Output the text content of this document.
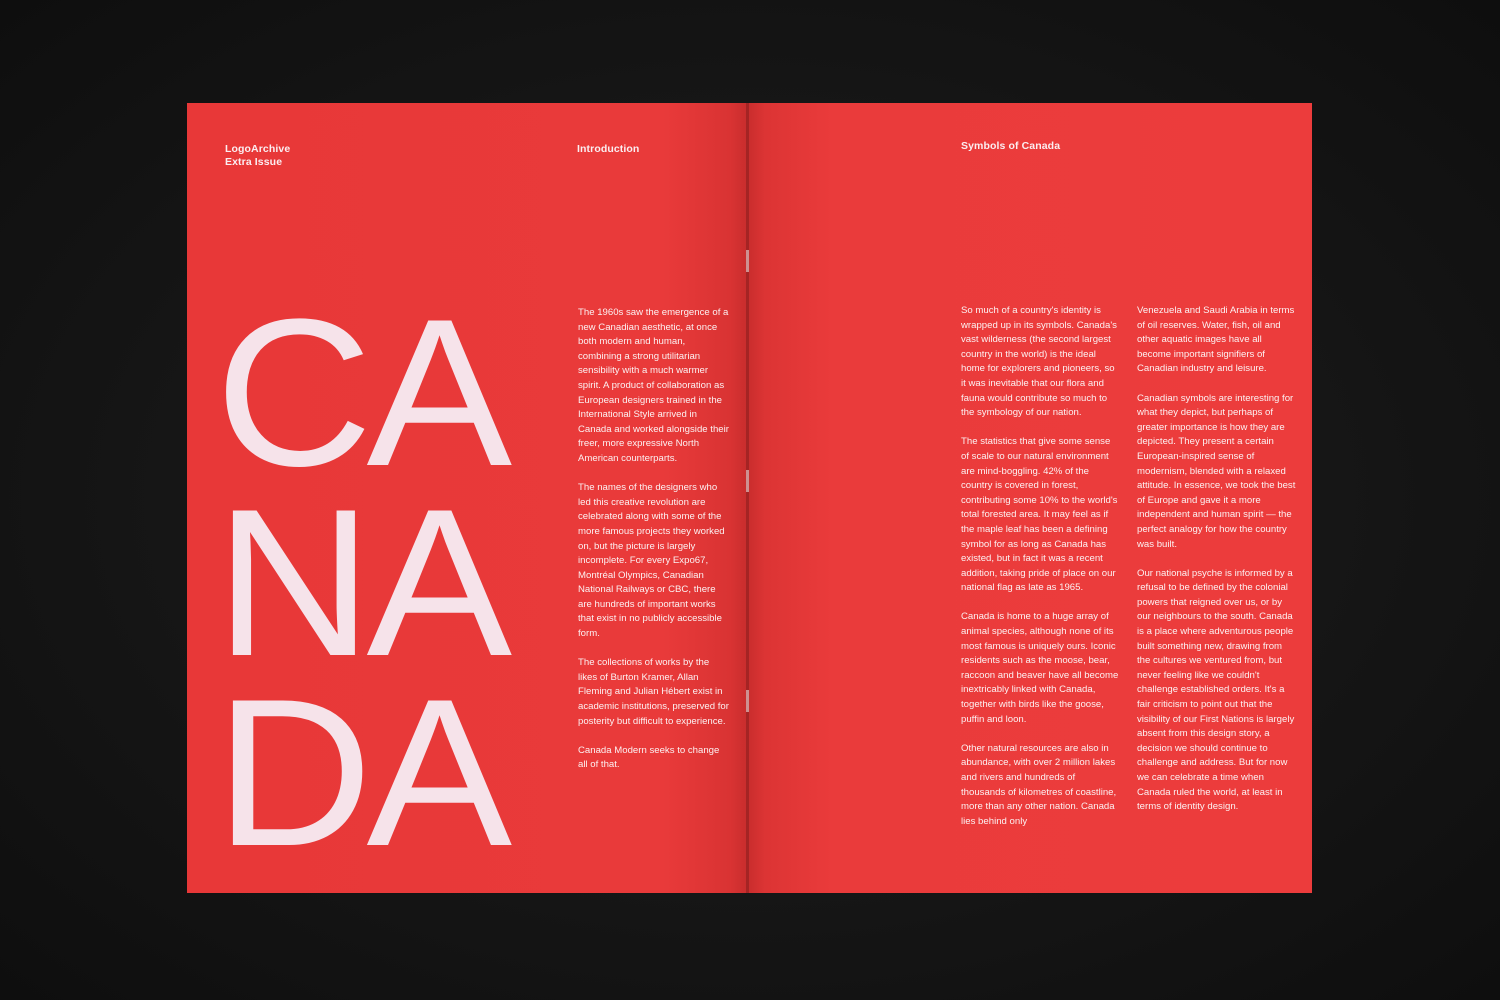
LogoArchive
Extra Issue
Introduction
CA
NA
DA

The 1960s saw the emergence of a new Canadian aesthetic, at once both modern and human, combining a strong utilitarian sensibility with a much warmer spirit. A product of collaboration as European designers trained in the International Style arrived in Canada and worked alongside their freer, more expressive North American counterparts.

The names of the designers who led this creative revolution are celebrated along with some of the more famous projects they worked on, but the picture is largely incomplete. For every Expo67, Montréal Olympics, Canadian National Railways or CBC, there are hundreds of important works that exist in no publicly accessible form.

The collections of works by the likes of Burton Kramer, Allan Fleming and Julian Hébert exist in academic institutions, preserved for posterity but difficult to experience.

Canada Modern seeks to change all of that.

Symbols of Canada

So much of a country's identity is wrapped up in its symbols. Canada's vast wilderness (the second largest country in the world) is the ideal home for explorers and pioneers, so it was inevitable that our flora and fauna would contribute so much to the symbology of our nation.

The statistics that give some sense of scale to our natural environment are mind-boggling. 42% of the country is covered in forest, contributing some 10% to the world's total forested area. It may feel as if the maple leaf has been a defining symbol for as long as Canada has existed, but in fact it was a recent addition, taking pride of place on our national flag as late as 1965.

Canada is home to a huge array of animal species, although none of its most famous is uniquely ours. Iconic residents such as the moose, bear, raccoon and beaver have all become inextricably linked with Canada, together with birds like the goose, puffin and loon.

Other natural resources are also in abundance, with over 2 million lakes and rivers and hundreds of thousands of kilometres of coastline, more than any other nation. Canada lies behind only

Venezuela and Saudi Arabia in terms of oil reserves. Water, fish, oil and other aquatic images have all become important signifiers of Canadian industry and leisure.

Canadian symbols are interesting for what they depict, but perhaps of greater importance is how they are depicted. They present a certain European-inspired sense of modernism, blended with a relaxed attitude. In essence, we took the best of Europe and gave it a more independent and human spirit — the perfect analogy for how the country was built.

Our national psyche is informed by a refusal to be defined by the colonial powers that reigned over us, or by our neighbours to the south. Canada is a place where adventurous people built something new, drawing from the cultures we ventured from, but never feeling like we couldn't challenge established orders. It's a fair criticism to point out that the visibility of our First Nations is largely absent from this design story, a decision we should continue to challenge and address. But for now we can celebrate a time when Canada ruled the world, at least in terms of identity design.
